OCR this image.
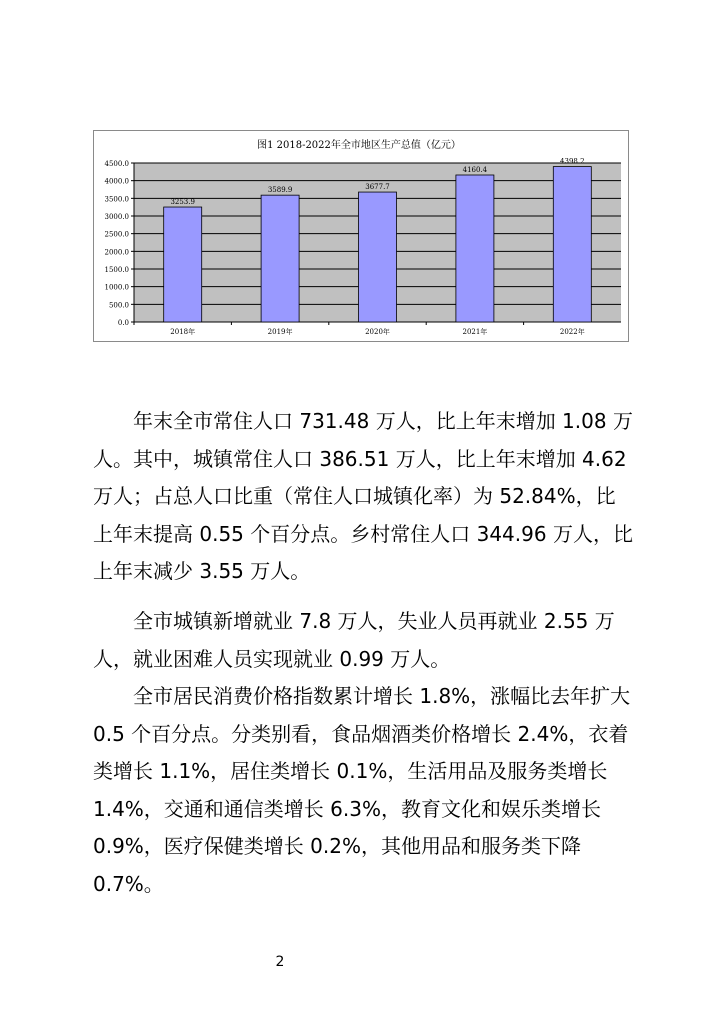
图1 2018-2022年全市地区生产总值（亿元）
0.0
500.0
1000.0
1500.0
2000.0
2500.0
3000.0
3500.0
4000.0
4500.0
3253.9
2018年
3589.9
2019年
3677.7
2020年
4160.4
2021年
4398.2
2022年

年末全市常住人口 731.48 万人，比上年末增加 1.08 万人。其中，城镇常住人口 386.51 万人，比上年末增加 4.62 万人；占总人口比重（常住人口城镇化率）为 52.84%，比上年末提高 0.55 个百分点。乡村常住人口 344.96 万人，比上年末减少 3.55 万人。

全市城镇新增就业 7.8 万人，失业人员再就业 2.55 万人，就业困难人员实现就业 0.99 万人。

全市居民消费价格指数累计增长 1.8%，涨幅比去年扩大 0.5 个百分点。分类别看，食品烟酒类价格增长 2.4%，衣着类增长 1.1%，居住类增长 0.1%，生活用品及服务类增长 1.4%，交通和通信类增长 6.3%，教育文化和娱乐类增长 0.9%，医疗保健类增长 0.2%，其他用品和服务类下降 0.7%。

2
